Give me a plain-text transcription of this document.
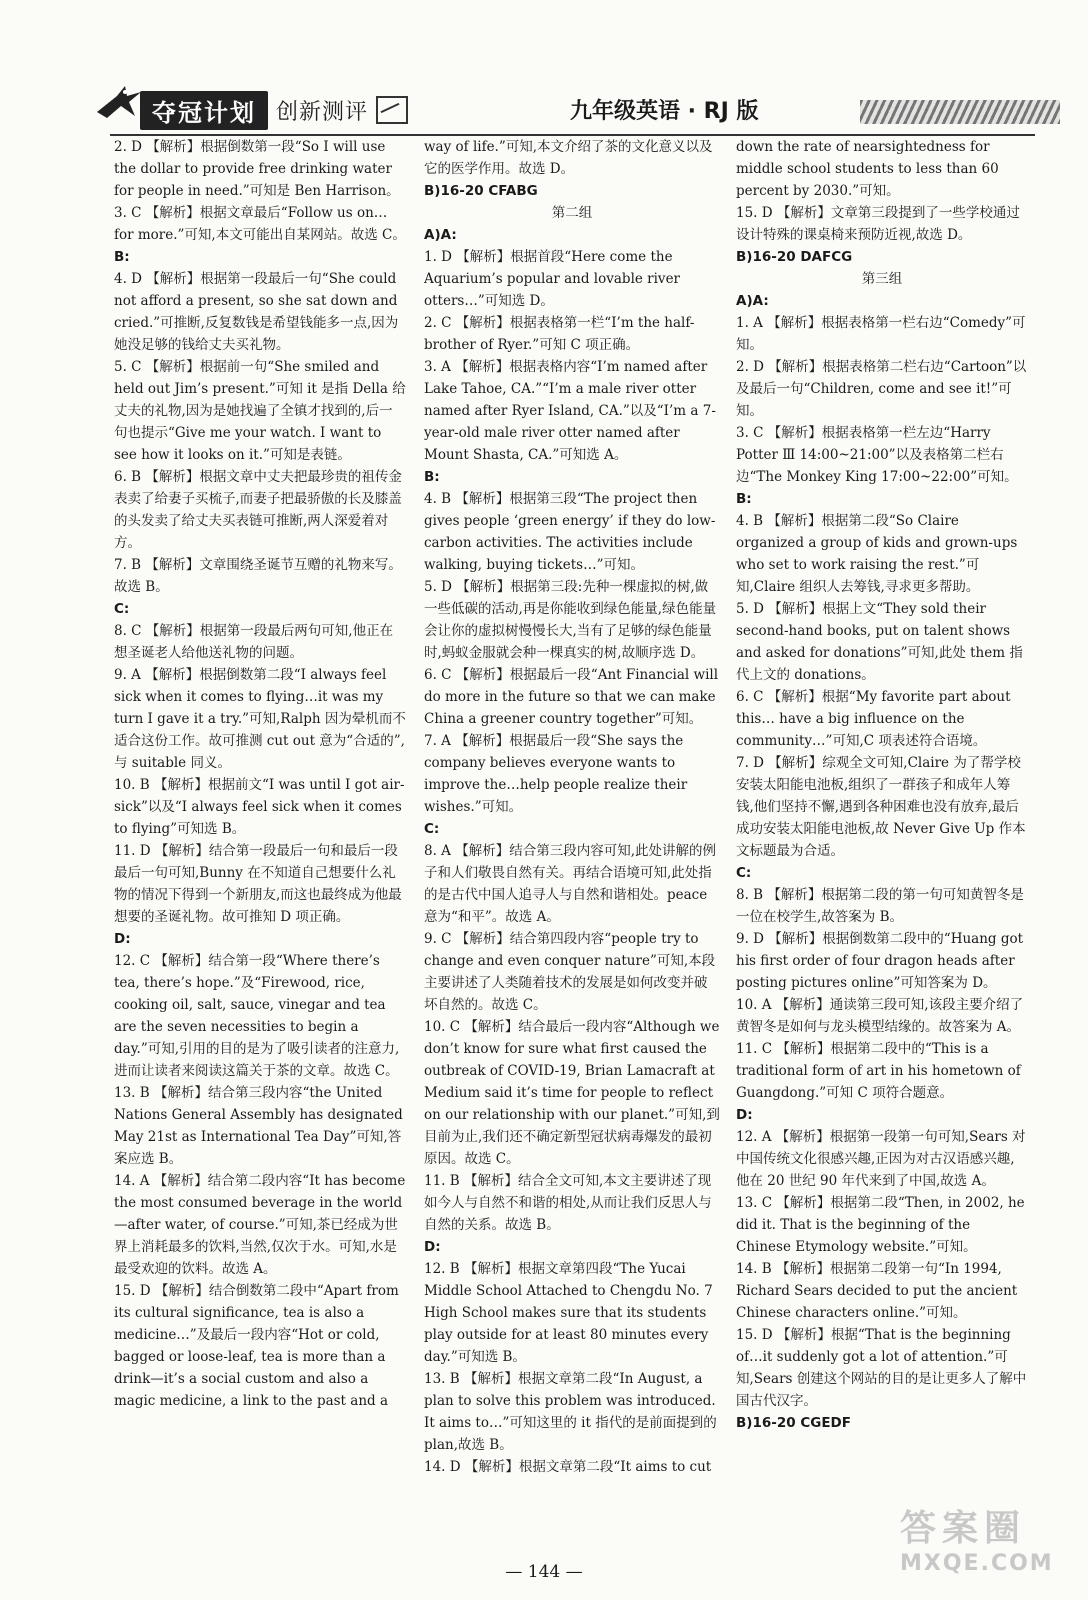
夺冠计划 创新测评	九年级英语 · RJ 版

2. D 【解析】根据倒数第一段“So I will use the dollar to provide free drinking water for people in need.”可知是 Ben Harrison。

3. C 【解析】根据文章最后“Follow us on… for more.”可知,本文可能出自某网站。故选 C。

B:

4. D 【解析】根据第一段最后一句“She could not afford a present, so she sat down and cried.”可推断,反复数钱是希望钱能多一点,因为她没足够的钱给丈夫买礼物。

5. C 【解析】根据前一句“She smiled and held out Jim’s present.”可知 it 是指 Della 给丈夫的礼物,因为是她找遍了全镇才找到的,后一句也提示“Give me your watch. I want to see how it looks on it.”可知是表链。

6. B 【解析】根据文章中丈夫把最珍贵的祖传金表卖了给妻子买梳子,而妻子把最骄傲的长及膝盖的头发卖了给丈夫买表链可推断,两人深爱着对方。

7. B 【解析】文章围绕圣诞节互赠的礼物来写。故选 B。

C:

8. C 【解析】根据第一段最后两句可知,他正在想圣诞老人给他送礼物的问题。

9. A 【解析】根据倒数第二段“I always feel sick when it comes to flying…it was my turn I gave it a try.”可知,Ralph 因为晕机而不适合这份工作。故可推测 cut out 意为“合适的”,与 suitable 同义。

10. B 【解析】根据前文“I was until I got air-sick”以及“I always feel sick when it comes to flying”可知选 B。

11. D 【解析】结合第一段最后一句和最后一段最后一句可知,Bunny 在不知道自己想要什么礼物的情况下得到一个新朋友,而这也最终成为他最想要的圣诞礼物。故可推知 D 项正确。

D:

12. C 【解析】结合第一段“Where there’s tea, there’s hope.”及“Firewood, rice, cooking oil, salt, sauce, vinegar and tea are the seven necessities to begin a day.”可知,引用的目的是为了吸引读者的注意力,进而让读者来阅读这篇关于茶的文章。故选 C。

13. B 【解析】结合第三段内容“the United Nations General Assembly has designated May 21st as International Tea Day”可知,答案应选 B。

14. A 【解析】结合第二段内容“It has become the most consumed beverage in the world—after water, of course.”可知,茶已经成为世界上消耗最多的饮料,当然,仅次于水。可知,水是最受欢迎的饮料。故选 A。

15. D 【解析】结合倒数第二段中“Apart from its cultural significance, tea is also a medicine…”及最后一段内容“Hot or cold, bagged or loose-leaf, tea is more than a drink—it’s a social custom and also a magic medicine, a link to the past and a

way of life.”可知,本文介绍了茶的文化意义以及它的医学作用。故选 D。

B)16-20 CFABG

第二组

A)A:

1. D 【解析】根据首段“Here come the Aquarium’s popular and lovable river otters…”可知选 D。

2. C 【解析】根据表格第一栏“I’m the half-brother of Ryer.”可知 C 项正确。

3. A 【解析】根据表格内容“I’m named after Lake Tahoe, CA.”“I’m a male river otter named after Ryer Island, CA.”以及“I’m a 7-year-old male river otter named after Mount Shasta, CA.”可知选 A。

B:

4. B 【解析】根据第三段“The project then gives people ‘green energy’ if they do low-carbon activities. The activities include walking, buying tickets…”可知。

5. D 【解析】根据第三段:先种一棵虚拟的树,做一些低碳的活动,再是你能收到绿色能量,绿色能量会让你的虚拟树慢慢长大,当有了足够的绿色能量时,蚂蚁金服就会种一棵真实的树,故顺序选 D。

6. C 【解析】根据最后一段“Ant Financial will do more in the future so that we can make China a greener country together”可知。

7. A 【解析】根据最后一段“She says the company believes everyone wants to improve the…help people realize their wishes.”可知。

C:

8. A 【解析】结合第三段内容可知,此处讲解的例子和人们敬畏自然有关。再结合语境可知,此处指的是古代中国人追寻人与自然和谐相处。peace 意为“和平”。故选 A。

9. C 【解析】结合第四段内容“people try to change and even conquer nature”可知,本段主要讲述了人类随着技术的发展是如何改变并破坏自然的。故选 C。

10. C 【解析】结合最后一段内容“Although we don’t know for sure what first caused the outbreak of COVID-19, Brian Lamacraft at Medium said it’s time for people to reflect on our relationship with our planet.”可知,到目前为止,我们还不确定新型冠状病毒爆发的最初原因。故选 C。

11. B 【解析】结合全文可知,本文主要讲述了现如今人与自然不和谐的相处,从而让我们反思人与自然的关系。故选 B。

D:

12. B 【解析】根据文章第四段“The Yucai Middle School Attached to Chengdu No. 7 High School makes sure that its students play outside for at least 80 minutes every day.”可知选 B。

13. B 【解析】根据文章第二段“In August, a plan to solve this problem was introduced. It aims to…”可知这里的 it 指代的是前面提到的 plan,故选 B。

14. D 【解析】根据文章第二段“It aims to cut

down the rate of nearsightedness for middle school students to less than 60 percent by 2030.”可知。

15. D 【解析】文章第三段提到了一些学校通过设计特殊的课桌椅来预防近视,故选 D。

B)16-20 DAFCG

第三组

A)A:

1. A 【解析】根据表格第一栏右边“Comedy”可知。

2. D 【解析】根据表格第二栏右边“Cartoon”以及最后一句“Children, come and see it!”可知。

3. C 【解析】根据表格第一栏左边“Harry Potter Ⅲ 14:00~21:00”以及表格第二栏右边“The Monkey King 17:00~22:00”可知。

B:

4. B 【解析】根据第二段“So Claire organized a group of kids and grown-ups who set to work raising the rest.”可知,Claire 组织人去筹钱,寻求更多帮助。

5. D 【解析】根据上文“They sold their second-hand books, put on talent shows and asked for donations”可知,此处 them 指代上文的 donations。

6. C 【解析】根据“My favorite part about this… have a big influence on the community…”可知,C 项表述符合语境。

7. D 【解析】综观全文可知,Claire 为了帮学校安装太阳能电池板,组织了一群孩子和成年人筹钱,他们坚持不懈,遇到各种困难也没有放弃,最后成功安装太阳能电池板,故 Never Give Up 作本文标题最为合适。

C:

8. B 【解析】根据第二段的第一句可知黄智冬是一位在校学生,故答案为 B。

9. D 【解析】根据倒数第二段中的“Huang got his first order of four dragon heads after posting pictures online”可知答案为 D。

10. A 【解析】通读第三段可知,该段主要介绍了黄智冬是如何与龙头模型结缘的。故答案为 A。

11. C 【解析】根据第二段中的“This is a traditional form of art in his hometown of Guangdong.”可知 C 项符合题意。

D:

12. A 【解析】根据第一段第一句可知,Sears 对中国传统文化很感兴趣,正因为对古汉语感兴趣,他在 20 世纪 90 年代来到了中国,故选 A。

13. C 【解析】根据第二段“Then, in 2002, he did it. That is the beginning of the Chinese Etymology website.”可知。

14. B 【解析】根据第二段第一句“In 1994, Richard Sears decided to put the ancient Chinese characters online.”可知。

15. D 【解析】根据“That is the beginning of…it suddenly got a lot of attention.”可知,Sears 创建这个网站的目的是让更多人了解中国古代汉字。

B)16-20 CGEDF

— 144 —
答案圈
MXQE.COM
